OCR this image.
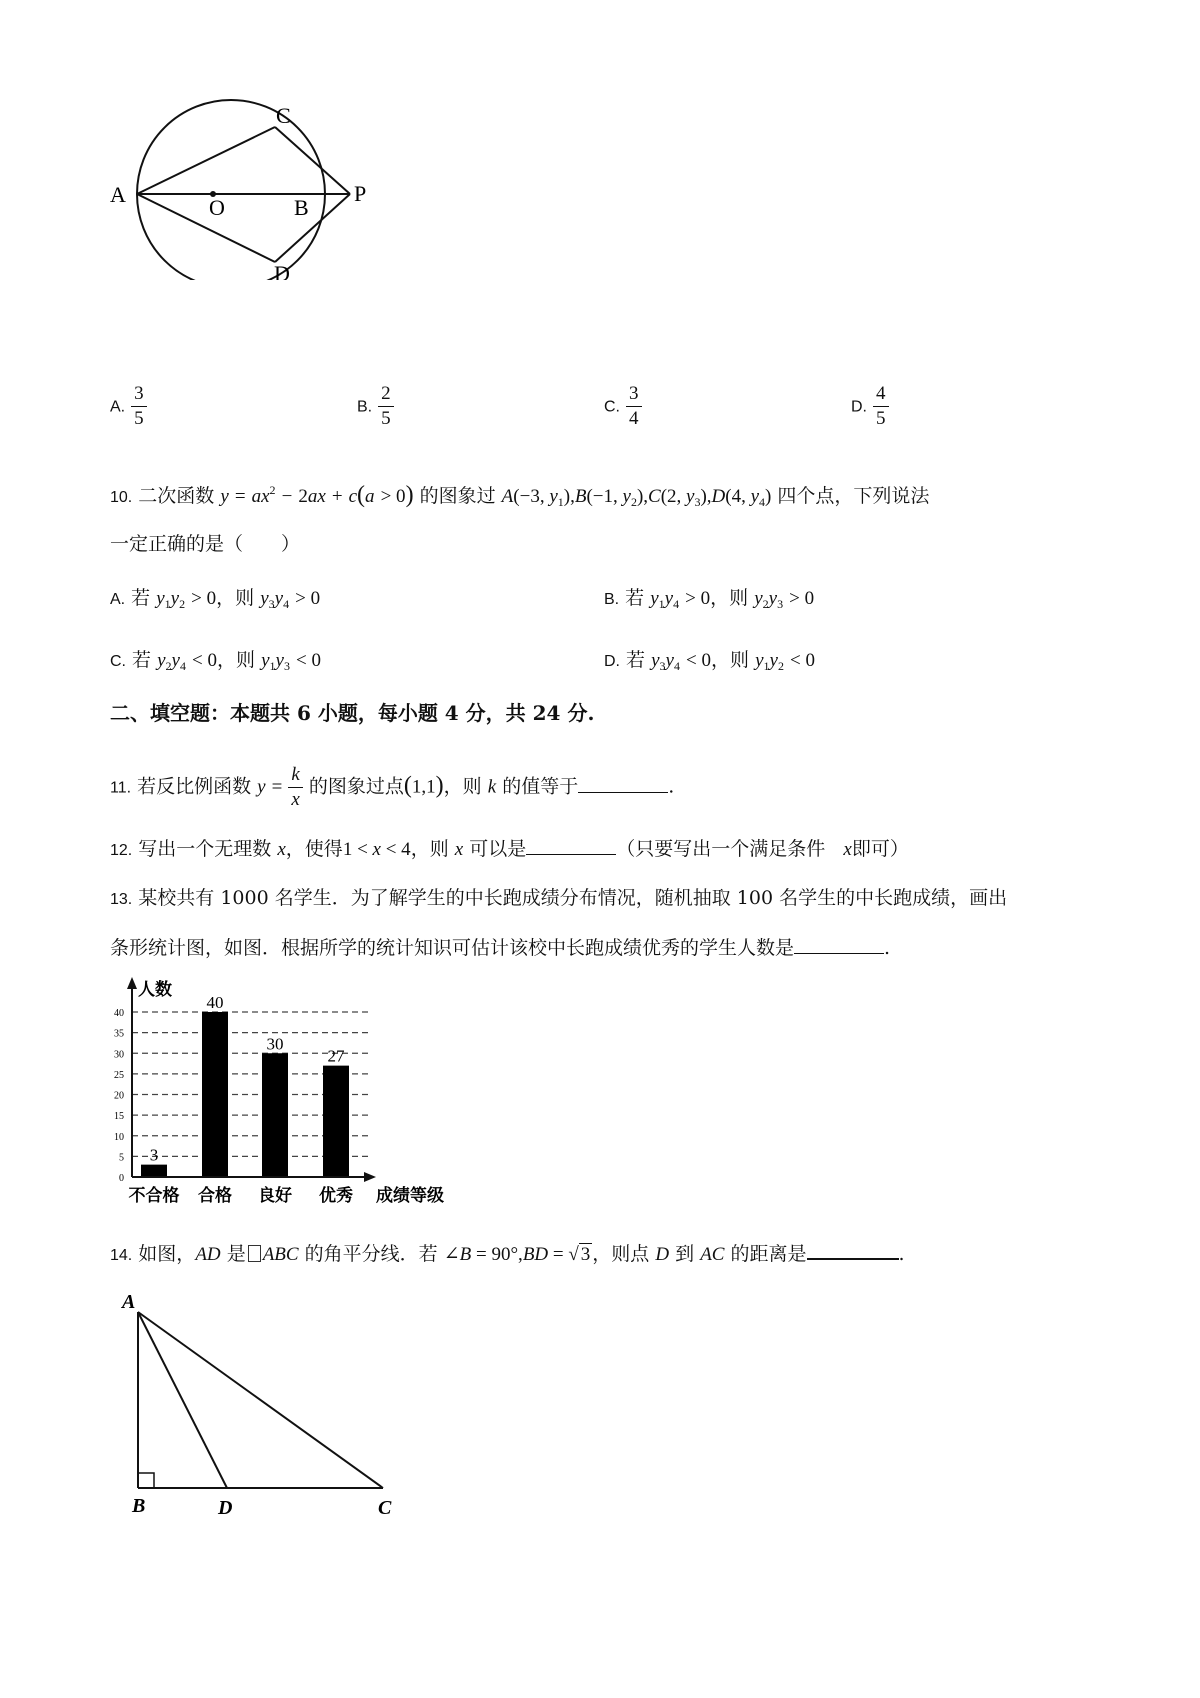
A
C
O	B
P
D
A. $\frac{3}{5}$	B. $\frac{2}{5}$	C. $\frac{3}{4}$	D. $\frac{4}{5}$
10. 二次函数 $y = ax^2 - 2ax + c(a > 0)$ 的图象过 A(−3, $y_1),B(-1$, $y_2),C(2$, $y_3),D(4$, $y_4$) 四个点，下列说法
一定正确的是（　　）
A. 若 $y_1y_2 > 0$，则 $y_3y_4 > 0$	B. 若 $y_1y_4 > 0$，则 $y_2y_3 > 0$
C. 若 $y_2y_4 < 0$，则 $y_1y_3 < 0$	D. 若 $y_3y_4 < 0$，则 $y_1y_2 < 0$
二、填空题：本题共 6 小题，每小题 4 分，共 24 分.
11. 若反比例函数 $y = \frac{k}{x}$ 的图象过点(1,1)，则 k 的值等于	.
12. 写出一个无理数 x，使得1 < x < 4，则 x 可以是	（只要写出一个满足条件 x即可）
13. 某校共有 1000 名学生．为了解学生的中长跑成绩分布情况，随机抽取 100 名学生的中长跑成绩，画出
条形统计图，如图．根据所学的统计知识可估计该校中长跑成绩优秀的学生人数是	.
0
5
10
15
20
25
30
35
40
3
不合格
40
合格
30
良好
27
优秀
人数
成绩等级
14. 如图，AD 是 ABC 的角平分线．若 ∠B = 90°,BD = √ 3 ，则点 D 到 AC 的距离是	.
A
B	D	C
